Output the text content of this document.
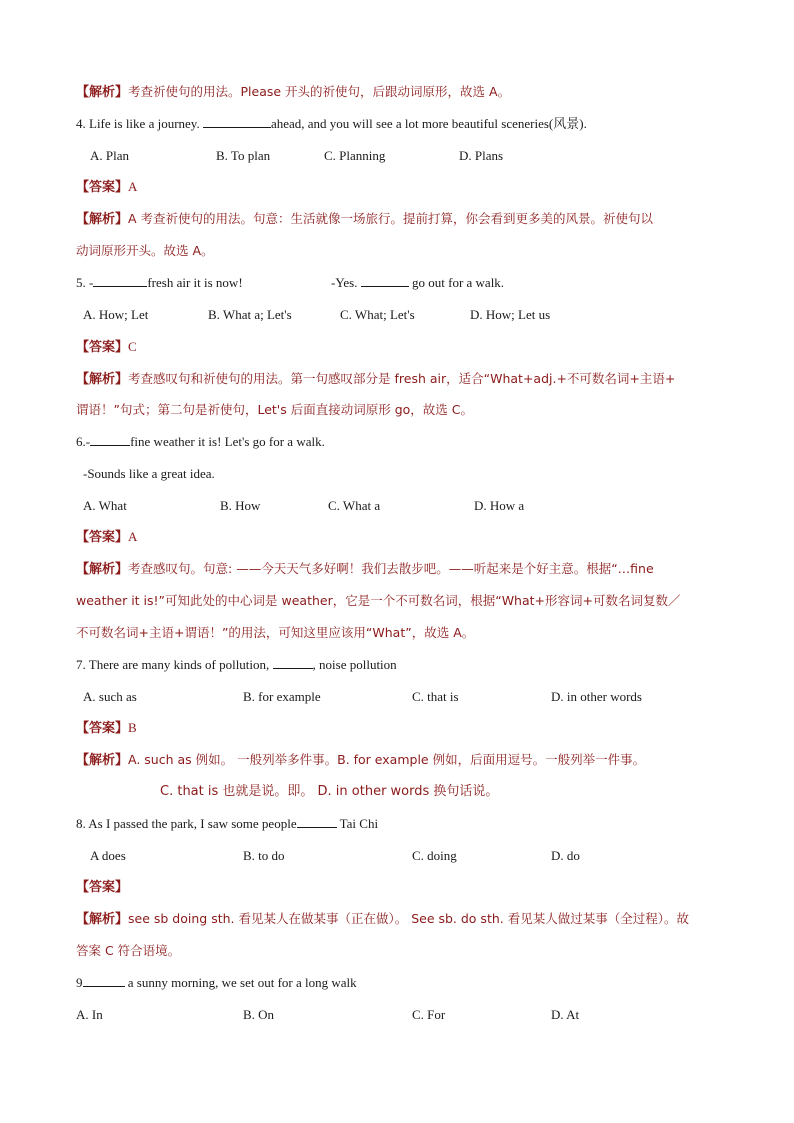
【解析】考查祈使句的用法。Please 开头的祈使句，后跟动词原形，故选 A。
4. Life is like a journey.	ahead, and you will see a lot more beautiful sceneries(风景).
A. Plan	B. To plan	C. Planning	D. Plans
【答案】A
【解析】A 考查祈使句的用法。句意：生活就像一场旅行。提前打算，你会看到更多美的风景。祈使句以
动词原形开头。故选 A。
5. -	fresh air it is now!	-Yes.	go out for a walk.
A. How; Let	B. What a; Let's	C. What; Let's	D. How; Let us
【答案】C
【解析】考查感叹句和祈使句的用法。第一句感叹部分是 fresh air，适合“What+adj.+不可数名词+主语+
谓语！”句式；第二句是祈使句，Let's 后面直接动词原形 go，故选 C。
6.-	fine weather it is! Let's go for a walk.
-Sounds like a great idea.
A. What	B. How	C. What a	D. How a
【答案】A
【解析】考查感叹句。句意: ——今天天气多好啊！我们去散步吧。——听起来是个好主意。根据“…fine
weather it is!”可知此处的中心词是 weather，它是一个不可数名词，根据“What+形容词+可数名词复数／
不可数名词+主语+谓语！”的用法，可知这里应该用“What”，故选 A。
7. There are many kinds of pollution,	, noise pollution
A. such as	B. for example	C. that is	D. in other words
【答案】B
【解析】A. such as 例如。 一般列举多件事。B. for example 例如，后面用逗号。一般列举一件事。
C. that is 也就是说。即。 D. in other words 换句话说。
8. As I passed the park, I saw some people	Tai Chi
A does	B. to do	C. doing	D. do
【答案】
【解析】see sb doing sth. 看见某人在做某事（正在做）。 See sb. do sth. 看见某人做过某事（全过程）。故
答案 C 符合语境。
9	a sunny morning, we set out for a long walk
A. In	B. On	C. For	D. At
